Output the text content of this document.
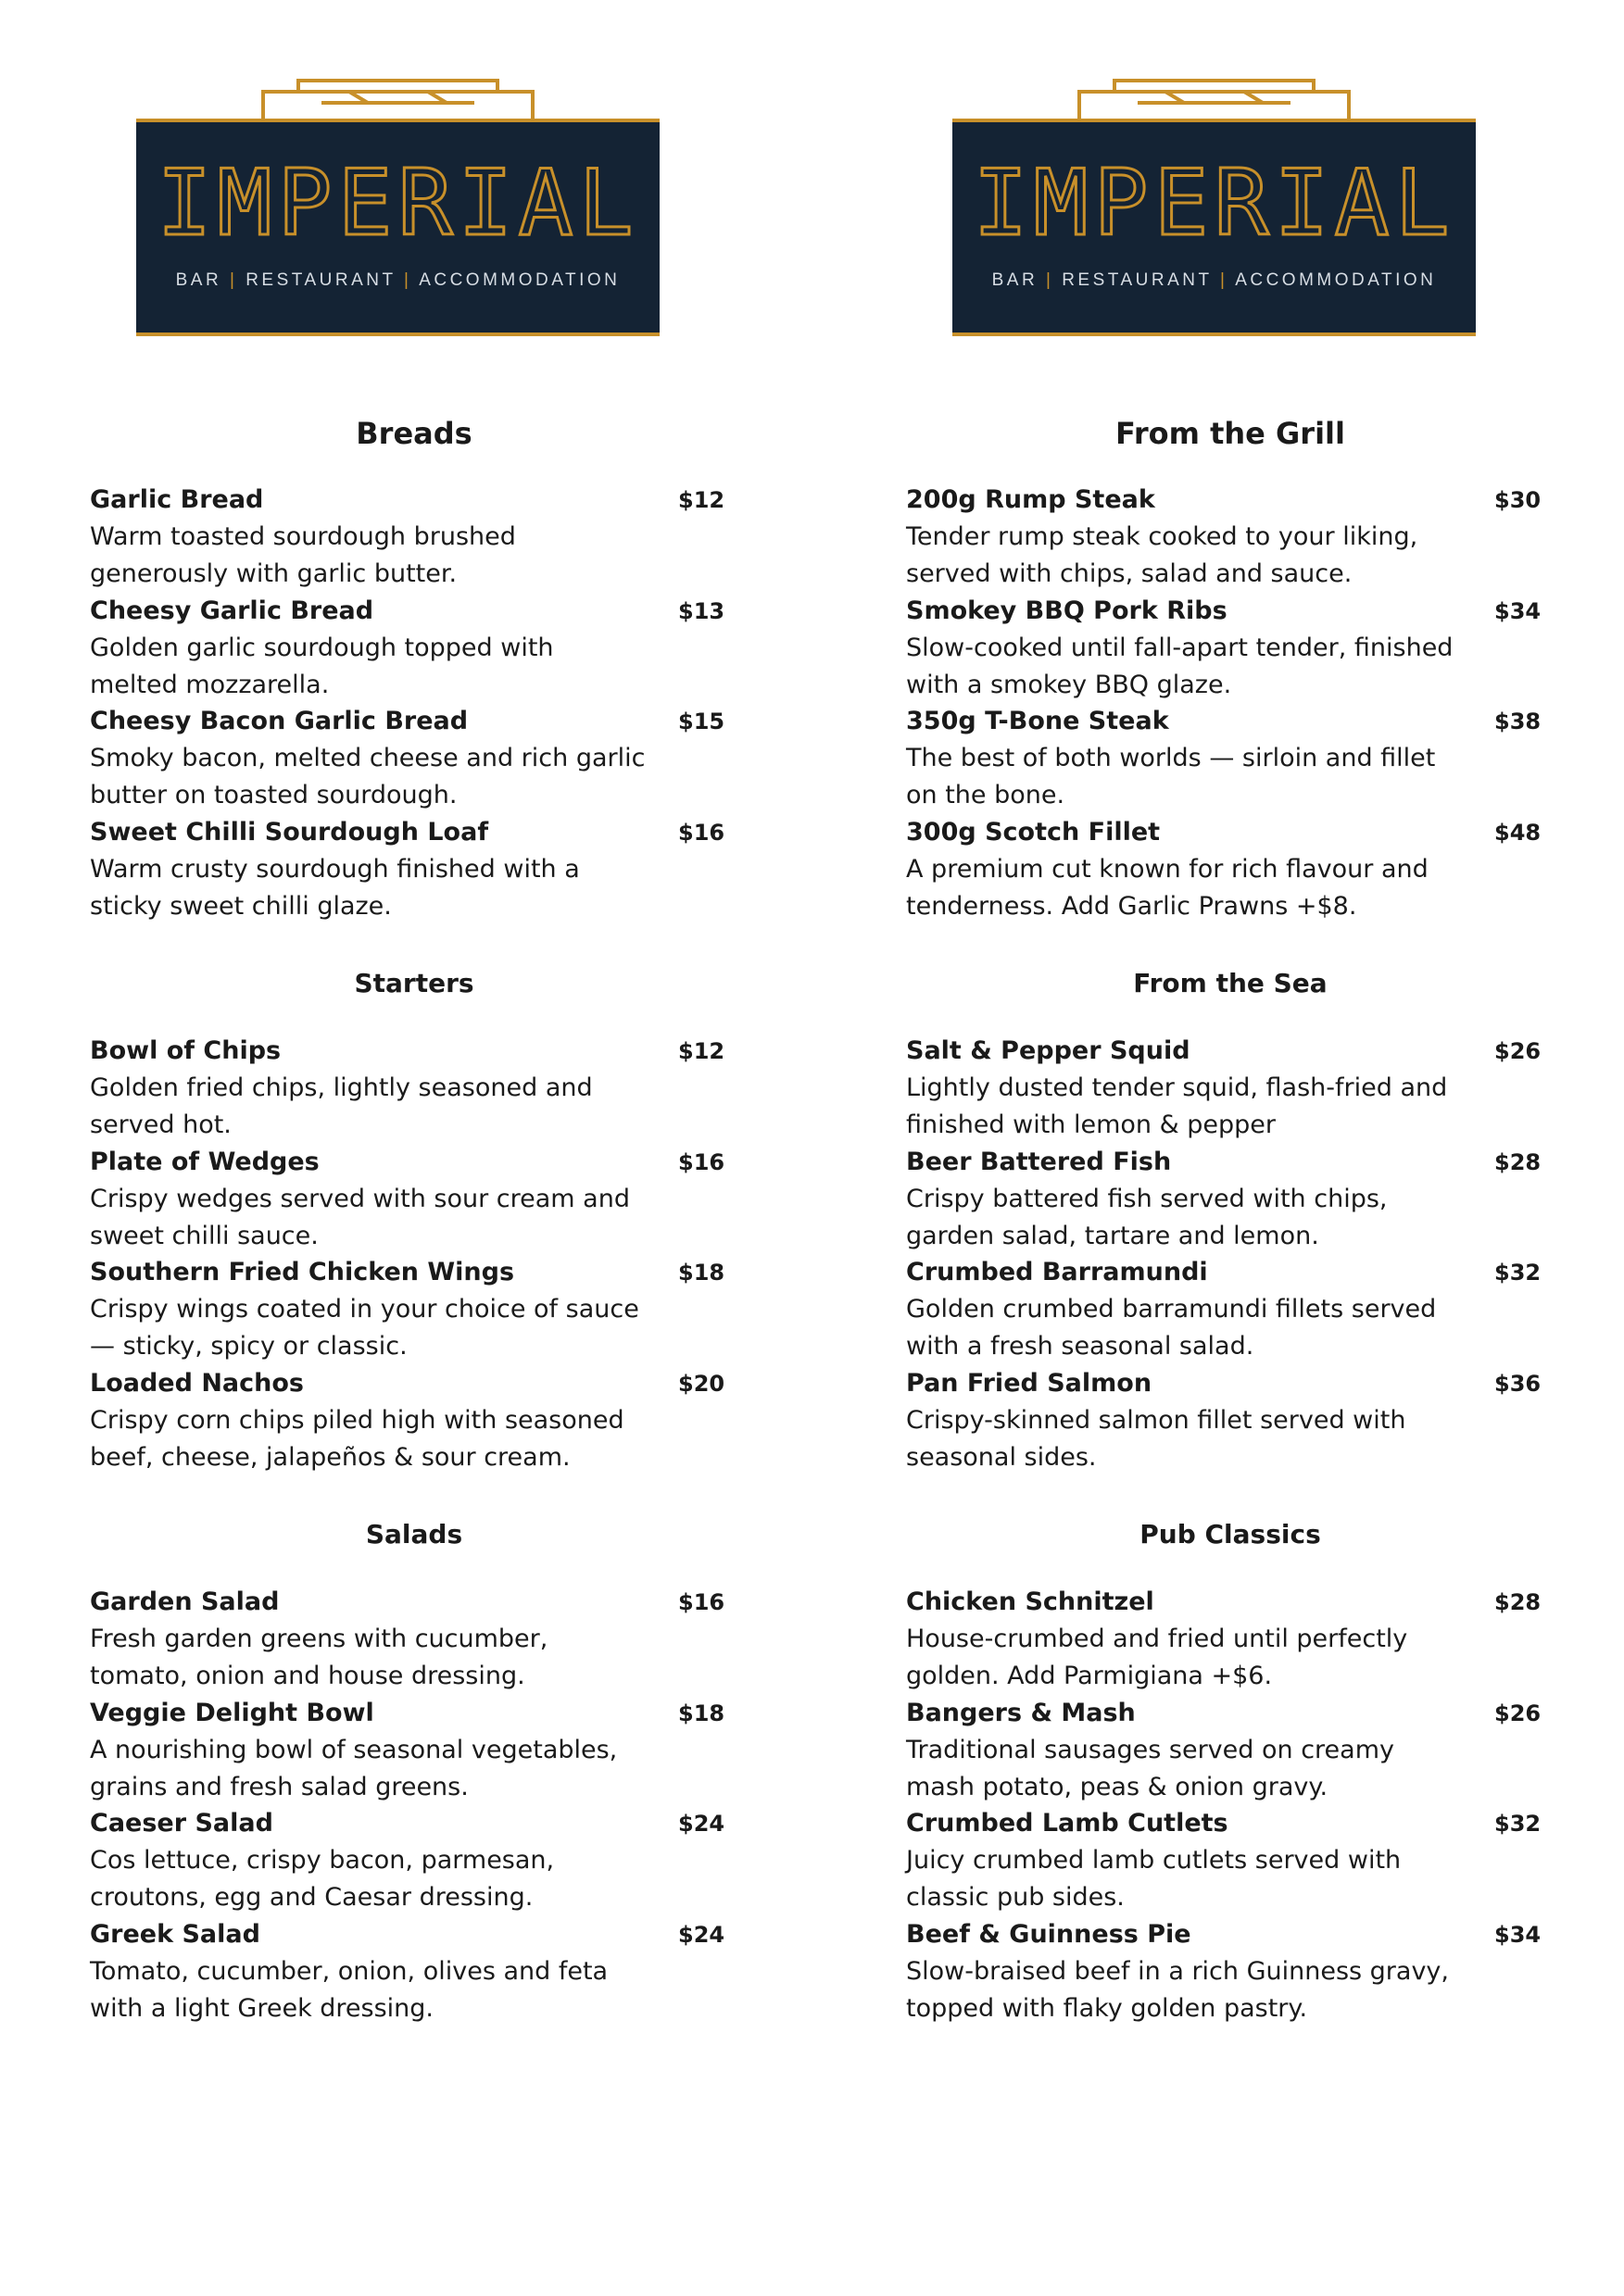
IMPERIAL
BAR | RESTAURANT | ACCOMMODATION
Breads
Garlic Bread	$12
Warm toasted sourdough brushed generously with garlic butter.
Cheesy Garlic Bread	$13
Golden garlic sourdough topped with melted mozzarella.
Cheesy Bacon Garlic Bread	$15
Smoky bacon, melted cheese and rich garlic butter on toasted sourdough.
Sweet Chilli Sourdough Loaf	$16
Warm crusty sourdough finished with a sticky sweet chilli glaze.
Starters
Bowl of Chips	$12
Golden fried chips, lightly seasoned and served hot.
Plate of Wedges	$16
Crispy wedges served with sour cream and sweet chilli sauce.
Southern Fried Chicken Wings	$18
Crispy wings coated in your choice of sauce — sticky, spicy or classic.
Loaded Nachos	$20
Crispy corn chips piled high with seasoned beef, cheese, jalapeños & sour cream.
Salads
Garden Salad	$16
Fresh garden greens with cucumber, tomato, onion and house dressing.
Veggie Delight Bowl	$18
A nourishing bowl of seasonal vegetables, grains and fresh salad greens.
Caeser Salad	$24
Cos lettuce, crispy bacon, parmesan, croutons, egg and Caesar dressing.
Greek Salad	$24
Tomato, cucumber, onion, olives and feta with a light Greek dressing.
IMPERIAL
BAR | RESTAURANT | ACCOMMODATION
From the Grill
200g Rump Steak	$30
Tender rump steak cooked to your liking, served with chips, salad and sauce.
Smokey BBQ Pork Ribs	$34
Slow-cooked until fall-apart tender, finished with a smokey BBQ glaze.
350g T-Bone Steak	$38
The best of both worlds — sirloin and fillet on the bone.
300g Scotch Fillet	$48
A premium cut known for rich flavour and tenderness. Add Garlic Prawns +$8.
From the Sea
Salt & Pepper Squid	$26
Lightly dusted tender squid, flash-fried and finished with lemon & pepper
Beer Battered Fish	$28
Crispy battered fish served with chips, garden salad, tartare and lemon.
Crumbed Barramundi	$32
Golden crumbed barramundi fillets served with a fresh seasonal salad.
Pan Fried Salmon	$36
Crispy-skinned salmon fillet served with seasonal sides.
Pub Classics
Chicken Schnitzel	$28
House-crumbed and fried until perfectly golden. Add Parmigiana +$6.
Bangers & Mash	$26
Traditional sausages served on creamy mash potato, peas & onion gravy.
Crumbed Lamb Cutlets	$32
Juicy crumbed lamb cutlets served with classic pub sides.
Beef & Guinness Pie	$34
Slow-braised beef in a rich Guinness gravy, topped with flaky golden pastry.
